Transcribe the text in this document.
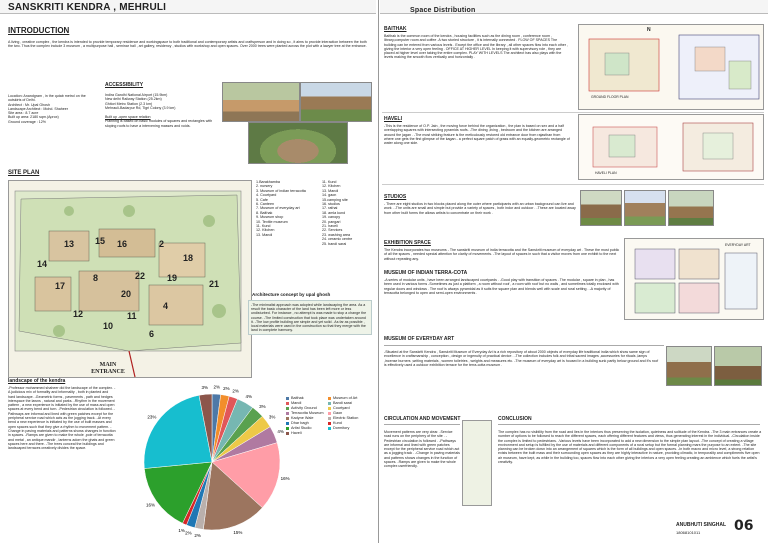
SANSKRITI KENDRA , MEHRULI
INTRODUCTION
A living , creative complex , the kendra is intended to provide temporary residence and workingspace to both traditional and contemporary artists and craftsperson and in doing so , it aims to provide interaction between the both the two. Thus the complex include 3 museum , a multipurpose hall , seminar hall , art gallery, residency , studios with workshop and open spaces. Over 2000 trees were planted across the plot with a lawyer tree at the entrance.
Location: Anandgram , in the qutab metrol on the outskirts of Delhi.
Architect : Mr. Upal Ghosh
Landscape Architect : Mohd. Shaheer
Site area : 8.7 acre
Built up area: 2180 sqm.(Aprox)
Ground coverage : 12%
ACCESSIBILITY
Indira Gandhi National Airport (15.9km)
New delhi Railway Station (25.2km)
Ghitori Metro Station (2.3 km)
Mehrauli-Badarpur Rd, Tigri Colony (3.9 km)
Built up -open space relation
Planning is based on basic modules of squares and rectangles with sloping roofs to have a intervening masses and voids.
SITE PLAN
13 15 16	2
18
20
14
19
8
17
22
21
4
11
12
10
6
MAIN ENTRANCE
1.Barakhamba
2. nursery
3. Museum of indian terracotta
4. Courtyard
5. Cafe
6. Canteen
7. Museum of everyday art
8. Baithak
9. Museum shop
10. Textile museum
11. Kund
12. Kitchen
13. Mandi
11. Kund
12. Kitchen
13. Mandi
14. gaon
15.camping site
16. studios
17. rathai
18. amla kund
19. canopy
20. pangari
21. haveli
22. Services
23. washing area
24. ceramic centre
25. bandi sarai
Architecture concept by upal ghosh
-The minimalist approach was adopted while landscaping the area. As a result the basic character of the land has been left more or less undisturbed. For instance , no attempt is was made to stop a change the course. -The limited construction that took place was undertaken around it. -The low profile building are simple and yet solid . As far as possible , local materials were used in the construction so that they merge with the land in complete harmony.
landscape of the kendra
-Professor mohammed shaheer did the landscape of the complex. -A judicious mix of formality and informality , both in planted and hard landscape. -Geometric forms , pavements , path and hedges interspace the lawns , natural and parks. -Rhythm in the movement pattern , a new experience is initiated by the use of mass and open spaces at every bend and turn. -Pedestrian circulation is followed. -Pathways are informal and lined with green patches except for the peripheral service road which acts as the jogging track. -At every bend a new experience is initiated by the use of built masses and open spaces such that they give a rhythm to movement pattern. -Change in paving materials and patterns shows changes in function in spaces. -Ramps are given to make the whole ,pole of terracotta and metal , an antique mandir , lanterns adorn the ghats and green spaces here and there. -The trees conceal the buildings and landscaped terraces creatively divides the space.
2% 2% 2%
4%
3%
3%
4%
16%
15%
2%
2%
1%
16%
23%
3%
Baithak	Museum of Art
Mandi	Bandi sarai
Activity Ground	Courtyard
Terracotta Museum	Gaon
Kadyne Wale	Electric Station
Dhar bagh	Kund
Artist Studio	Dormitory
Haveli
Space Distribution
BAITHAK
Baithak is the common room of the kendra , housing facilities such as the dining room , conference room , library,computer room and coffee .A two storied structure , it is internally connected . FLOW OF SPACES The building can be entered from various levels . Except the office and the library , all other spaces flow into each other , giving the interior a very open feeling . OFFICE AT HIGHER LEVEL In keeping it with supervisory role , they are placed at higher level over taking the entire complex. PLAY WITH LEVELS The architect has also plays with the levels making the smooth flow vertically and horizontally .
N
GROUND FLOOR PLAN
HAVELI
-This is the residence of O.P. Jain , the moving force behind the organization , the plan is based on sex and a half overlapping squares with intersecting pyramids roofs. -The dining ,living , bedroom and the kitchen are arranged around the jagan . -The most striking feature is the meticulously restored old entrance door from rajasthan from where one gets the first glimpse of the kagan - a perfect square patch of grass with an equally-geometric rectangle of water along one side.
HAVELI PLAN
STUDIOS
- There are eight studios in two blocks placed along the outer where participants with an urban background can live and work . -The units are small and simple but provide a variety of spaces , both indor and outdoor . -These are located away from other built forms the allows artists to concentrate on their work .
EXHIBITION SPACE
The Kendra incorporates two museums - The sanskriti museum of india terracotta and the Sanskriti museum of everyday art . These the most public of all the spaces , needed special attention for clarity of movements. -The layout of spaces in such that a visitor moves from one exhibit to the next without repeating any.
MUSEUM OF INDIAN TERRA-COTA
-A series of modular units , have been arranged landscaped courtyards . -Good play with transition of spaces . The modular , square in plan , has been used in various forms -Sometimes as just a platform , a room without roof , a room with roof but no walls , and sometimes totally enclosed with regular doors and windows . The roof is always pyramidal as it suits the square plan and blends well with scale and rural setting . -A majority of terracotta belonged to open and semi-open environments .
EVERYDAY ART
MUSEUM OF EVERYDAY ART
-Situated at the Sanskriti Kendra , Sanskriti Museum of Everyday Art is a rich repository of about 2000 objects of everyday life traditional india which show same sign of excellence in craftsmanship , conception , design or ingenuity of practical device . -The collection includes folk and tribal sacred images ,accessories for rituals ,lamps ,incense burners ,writing materials , women toiletries , weights and measures etc. -The museum of everyday art is housed in a building sunk partly below ground and it's roof is effectively used a outdoor exhibition terrace for the terra-cotta museum .
CIRCULATION AND MOVEMENT
Movement patterns are very clear. -Service road runs on the periphery of the site . -Pedestrian circulation is followed . -Pathways are informal and lined with green patches except for the peripheral service road which act as a jogging track . -Change in paving materials and patterns shows changes in the function of spaces. -Ramps are given to make the whole complex userfriendly.
CONCLUSION
The complex has no visibility from the road and lies in the interiors thus preserving the isolation, quietness and solitude of the Kendra. -The 3 main entrances create a number of options to be followed to reach the different spaces, each offering different features and views, thus generating interest in the individual. -Circulation inside the complex is limited to pedestrians. -Various levels have been incorporated to add a new dimension to the simple plan layout. -The concept of creating a village environment and setup is fulfilled by the use of materials and different components of a rural setup but the formal planning mars the purpose to an extent. -The site planning can be broken down into an arrangement of squares which is the form of all buildings and open spaces. -In both macro and micro level, a strong relation exists between the built mass and their surrounding open spaces as they are highly interactive in nature, providing climatic, in temporality and compliments five open air museum, have kept, as while in the building too, spaces flow into each other giving the interiors a very open feeling creating an ambience which fuels the artist's creativity.
ANUBHUTI SINGHAL
18068101011 06
